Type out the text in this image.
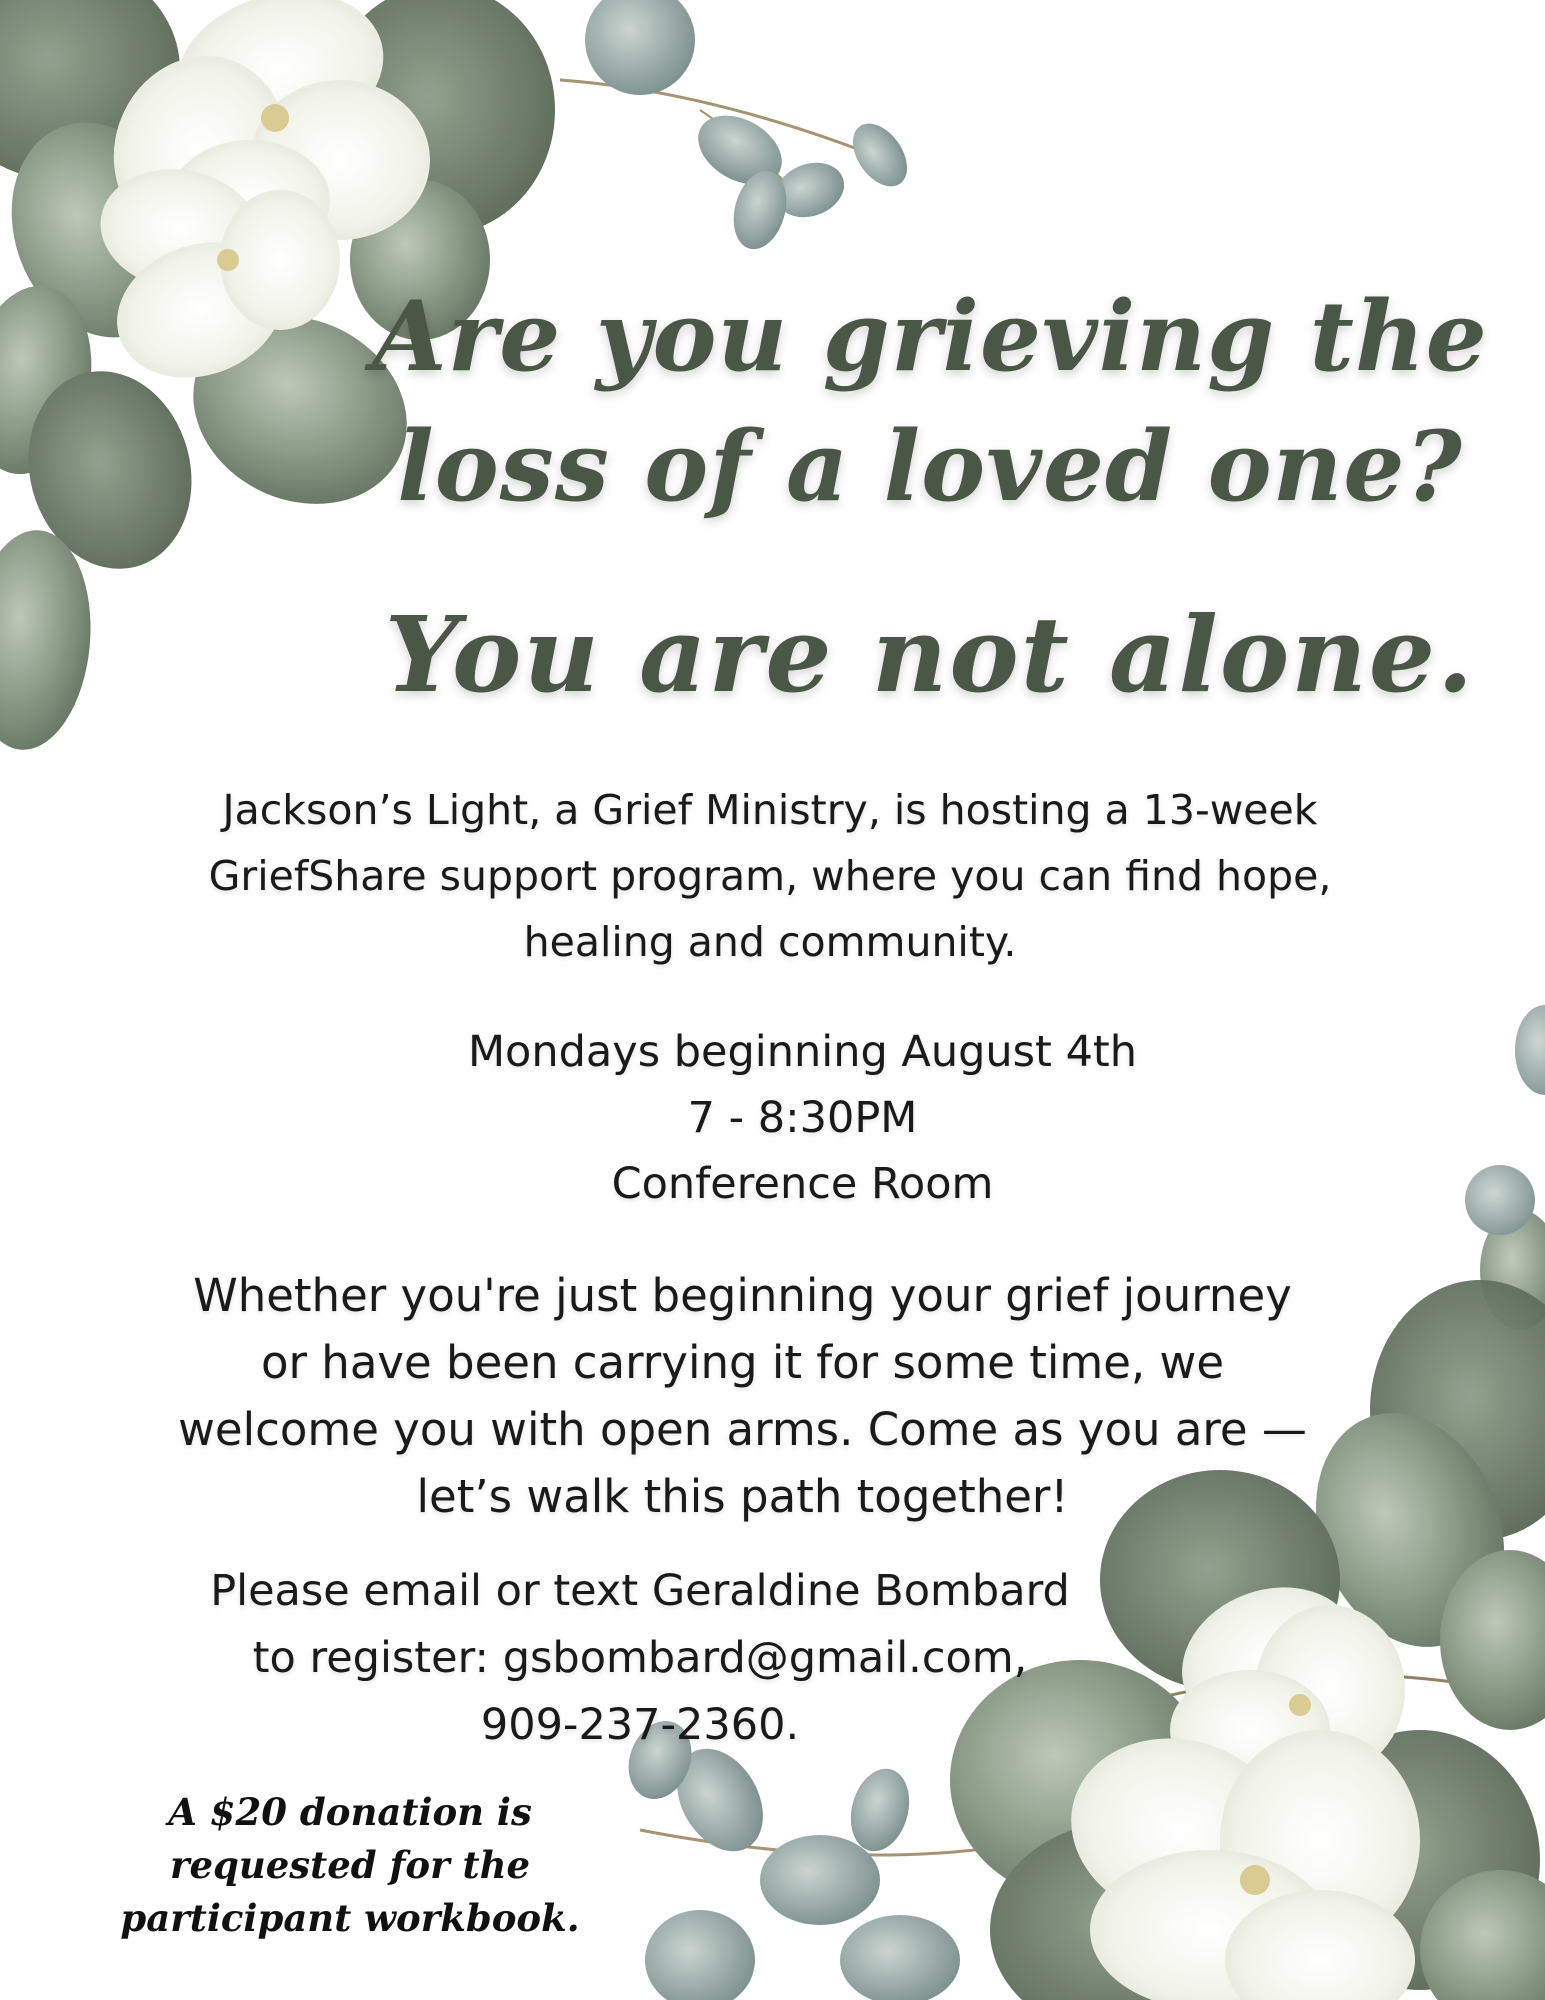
Are you grieving the
loss of a loved one?
You are not alone.

Jackson’s Light, a Grief Ministry, is hosting a 13-week
GriefShare support program, where you can find hope,
healing and community.

Mondays beginning August 4th
7 - 8:30PM
Conference Room

Whether you're just beginning your grief journey
or have been carrying it for some time, we
welcome you with open arms. Come as you are —
let’s walk this path together!

Please email or text Geraldine Bombard
to register: gsbombard@gmail.com,
909-237-2360.

A $20 donation is
requested for the
participant workbook.
